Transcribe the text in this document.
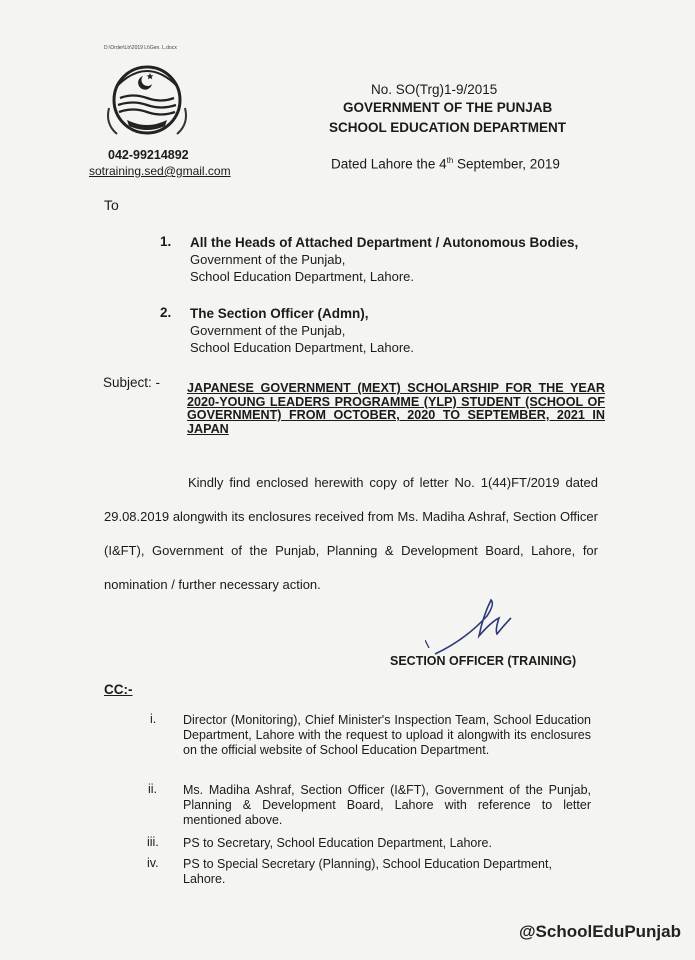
D:\Order\Ltr\2019 Lt\Gen. L.docx
No. SO(Trg)1-9/2015
GOVERNMENT OF THE PUNJAB
SCHOOL EDUCATION DEPARTMENT
042-99214892
sotraining.sed@gmail.com	Dated Lahore the 4th September, 2019
To
1. All the Heads of Attached Department / Autonomous Bodies,
Government of the Punjab,
School Education Department, Lahore.
2. The Section Officer (Admn),
Government of the Punjab,
School Education Department, Lahore.
Subject: - JAPANESE GOVERNMENT (MEXT) SCHOLARSHIP FOR THE YEAR 2020-YOUNG LEADERS PROGRAMME (YLP) STUDENT (SCHOOL OF GOVERNMENT) FROM OCTOBER, 2020 TO SEPTEMBER, 2021 IN JAPAN
Kindly find enclosed herewith copy of letter No. 1(44)FT/2019 dated 29.08.2019 alongwith its enclosures received from Ms. Madiha Ashraf, Section Officer (I&FT), Government of the Punjab, Planning & Development Board, Lahore, for nomination / further necessary action.
SECTION OFFICER (TRAINING)
CC:-
i. Director (Monitoring), Chief Minister's Inspection Team, School Education Department, Lahore with the request to upload it alongwith its enclosures on the official website of School Education Department.
ii. Ms. Madiha Ashraf, Section Officer (I&FT), Government of the Punjab, Planning & Development Board, Lahore with reference to letter mentioned above.
iii. PS to Secretary, School Education Department, Lahore.
iv. PS to Special Secretary (Planning), School Education Department, Lahore.
@SchoolEduPunjab
